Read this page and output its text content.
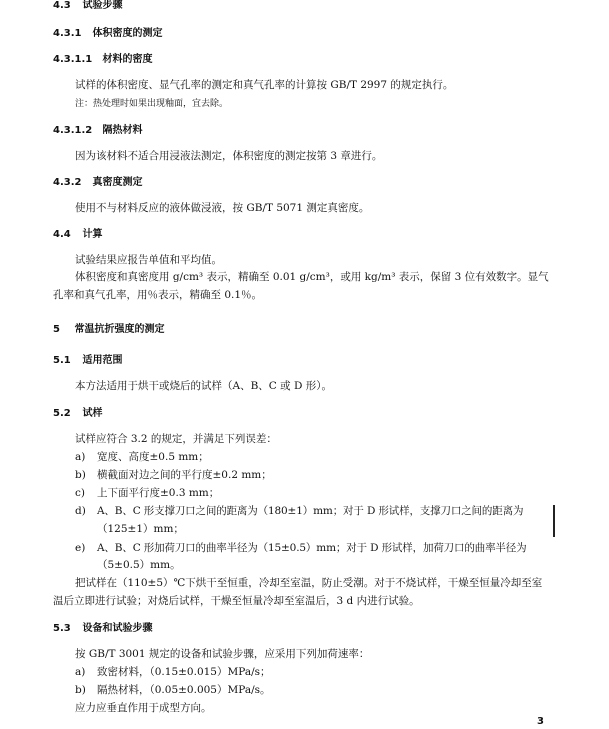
4.3 试验步骤
4.3.1 体积密度的测定
4.3.1.1 材料的密度
试样的体积密度、显气孔率的测定和真气孔率的计算按 GB/T 2997 的规定执行。
注：热处理时如果出现釉面，宜去除。
4.3.1.2 隔热材料
因为该材料不适合用浸液法测定，体积密度的测定按第 3 章进行。
4.3.2 真密度测定
使用不与材料反应的液体做浸液，按 GB/T 5071 测定真密度。
4.4 计算
试验结果应报告单值和平均值。
体积密度和真密度用 g/cm³ 表示，精确至 0.01 g/cm³，或用 kg/m³ 表示，保留 3 位有效数字。显气
孔率和真气孔率，用％表示，精确至 0.1％。
5 常温抗折强度的测定
5.1 适用范围
本方法适用于烘干或烧后的试样（A、B、C 或 D 形）。
5.2 试样
试样应符合 3.2 的规定，并满足下列误差：
a) 宽度、高度±0.5 mm；
b) 横截面对边之间的平行度±0.2 mm；
c) 上下面平行度±0.3 mm；
d) A、B、C 形支撑刀口之间的距离为（180±1）mm；对于 D 形试样，支撑刀口之间的距离为
（125±1）mm；
e) A、B、C 形加荷刀口的曲率半径为（15±0.5）mm；对于 D 形试样，加荷刀口的曲率半径为
（5±0.5）mm。
把试样在（110±5）℃下烘干至恒重，冷却至室温，防止受潮。对于不烧试样，干燥至恒量冷却至室
温后立即进行试验；对烧后试样，干燥至恒量冷却至室温后，3 d 内进行试验。
5.3 设备和试验步骤
按 GB/T 3001 规定的设备和试验步骤，应采用下列加荷速率：
a) 致密材料，（0.15±0.015）MPa/s；
b) 隔热材料，（0.05±0.005）MPa/s。
应力应垂直作用于成型方向。
3
